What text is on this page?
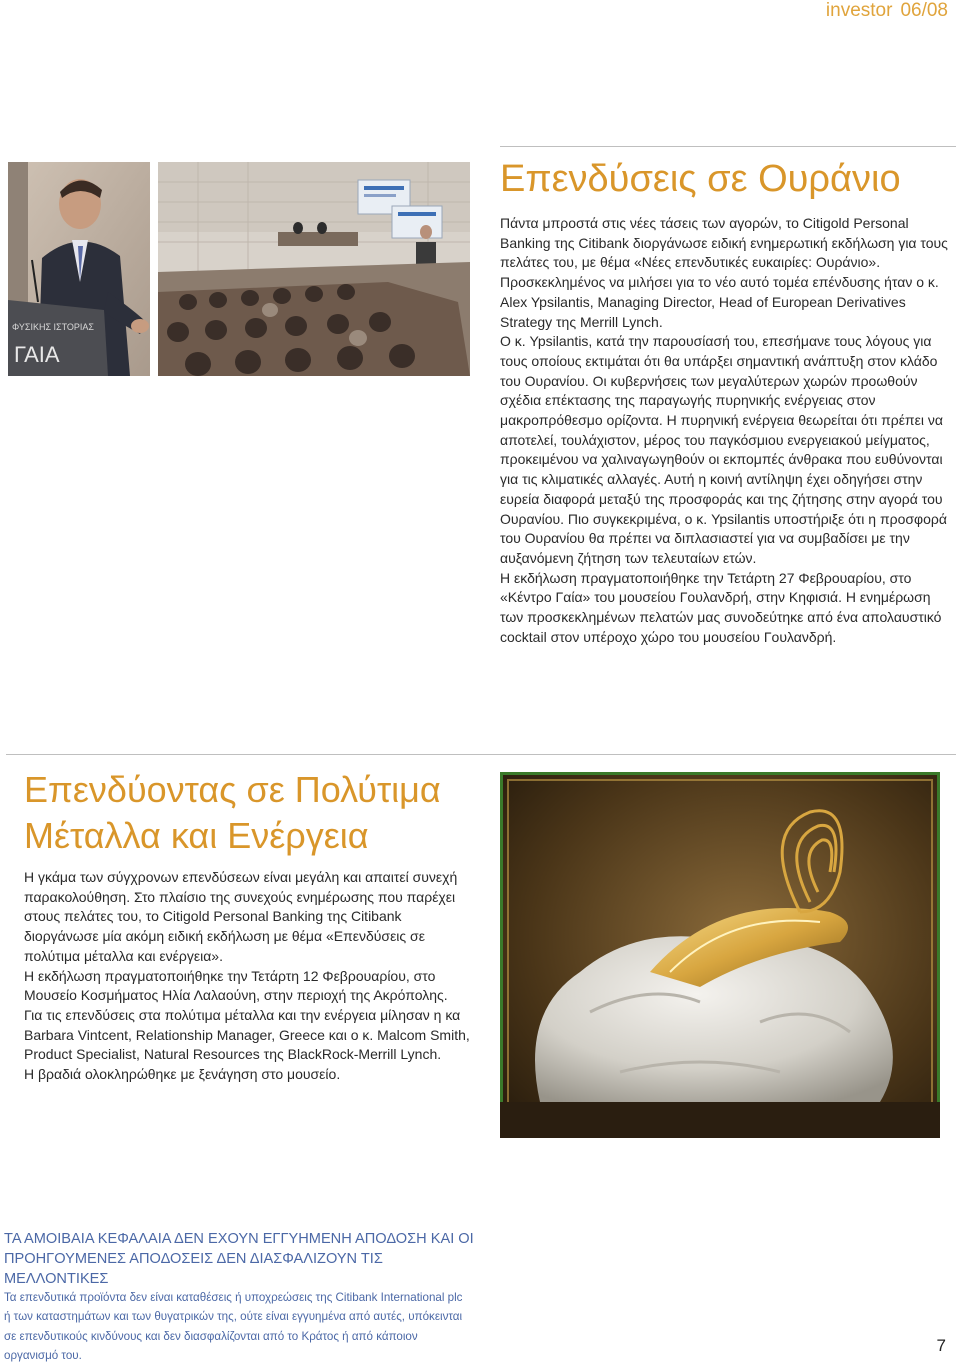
investor 06/08
ΦΥΣΙΚΗΣ ΙΣΤΟΡΙΑΣ
ΓΑΙΑ
Επενδύσεις σε Ουράνιο

Πάντα μπροστά στις νέες τάσεις των αγορών, το Citigold Personal Banking της Citibank διοργάνωσε ειδική ενημερωτική εκδήλωση για τους πελάτες του, με θέμα «Νέες επενδυτικές ευκαιρίες: Ουράνιο». Προσκεκλημένος να μιλήσει για το νέο αυτό τομέα επένδυσης ήταν ο κ. Alex Ypsilantis, Managing Director, Head of European Derivatives Strategy της Merrill Lynch.

Ο κ. Ypsilantis, κατά την παρουσίασή του, επεσήμανε τους λόγους για τους οποίους εκτιμάται ότι θα υπάρξει σημαντική ανάπτυξη στον κλάδο του Ουρανίου. Οι κυβερνήσεις των μεγαλύτερων χωρών προωθούν σχέδια επέκτασης της παραγωγής πυρηνικής ενέργειας στον μακροπρόθεσμο ορίζοντα. Η πυρηνική ενέργεια θεωρείται ότι πρέπει να αποτελεί, τουλάχιστον, μέρος του παγκόσμιου ενεργειακού μείγματος, προκειμένου να χαλιναγωγηθούν οι εκπομπές άνθρακα που ευθύνονται για τις κλιματικές αλλαγές. Αυτή η κοινή αντίληψη έχει οδηγήσει στην ευρεία διαφορά μεταξύ της προσφοράς και της ζήτησης στην αγορά του Ουρανίου. Πιο συγκεκριμένα, ο κ. Ypsilantis υποστήριξε ότι η προσφορά του Ουρανίου θα πρέπει να διπλασιαστεί για να συμβαδίσει με την αυξανόμενη ζήτηση των τελευταίων ετών.

Η εκδήλωση πραγματοποιήθηκε την Τετάρτη 27 Φεβρουαρίου, στο «Κέντρο Γαία» του μουσείου Γουλανδρή, στην Κηφισιά. Η ενημέρωση των προσκεκλημένων πελατών μας συνοδεύτηκε από ένα απολαυστικό cocktail στον υπέροχο χώρο του μουσείου Γουλανδρή.

Επενδύοντας σε Πολύτιμα
Μέταλλα και Ενέργεια

Η γκάμα των σύγχρονων επενδύσεων είναι μεγάλη και απαιτεί συνεχή παρακολούθηση. Στο πλαίσιο της συνεχούς ενημέρωσης που παρέχει στους πελάτες του, το Citigold Personal Banking της Citibank διοργάνωσε μία ακόμη ειδική εκδήλωση με θέμα «Επενδύσεις σε πολύτιμα μέταλλα και ενέργεια».

Η εκδήλωση πραγματοποιήθηκε την Τετάρτη 12 Φεβρουαρίου, στο Μουσείο Κοσμήματος Ηλία Λαλαούνη, στην περιοχή της Ακρόπολης.

Για τις επενδύσεις στα πολύτιμα μέταλλα και την ενέργεια μίλησαν η κα Barbara Vintcent, Relationship Manager, Greece και ο κ. Malcom Smith, Product Specialist, Natural Resources της BlackRock-Merrill Lynch.

Η βραδιά ολοκληρώθηκε με ξενάγηση στο μουσείο.

ΤΑ ΑΜΟΙΒΑΙΑ ΚΕΦΑΛΑΙΑ ΔΕΝ ΕΧΟΥΝ ΕΓΓΥΗΜΕΝΗ ΑΠΟΔΟΣΗ ΚΑΙ ΟΙ ΠΡΟΗΓΟΥΜΕΝΕΣ ΑΠΟΔΟΣΕΙΣ ΔΕΝ ΔΙΑΣΦΑΛΙΖΟΥΝ ΤΙΣ ΜΕΛΛΟΝΤΙΚΕΣ
Τα επενδυτικά προϊόντα δεν είναι καταθέσεις ή υποχρεώσεις της Citibank International plc ή των καταστημάτων και των θυγατρικών της, ούτε είναι εγγυημένα από αυτές, υπόκεινται σε επενδυτικούς κινδύνους και δεν διασφαλίζονται από το Κράτος ή από κάποιον οργανισμό του.
7
